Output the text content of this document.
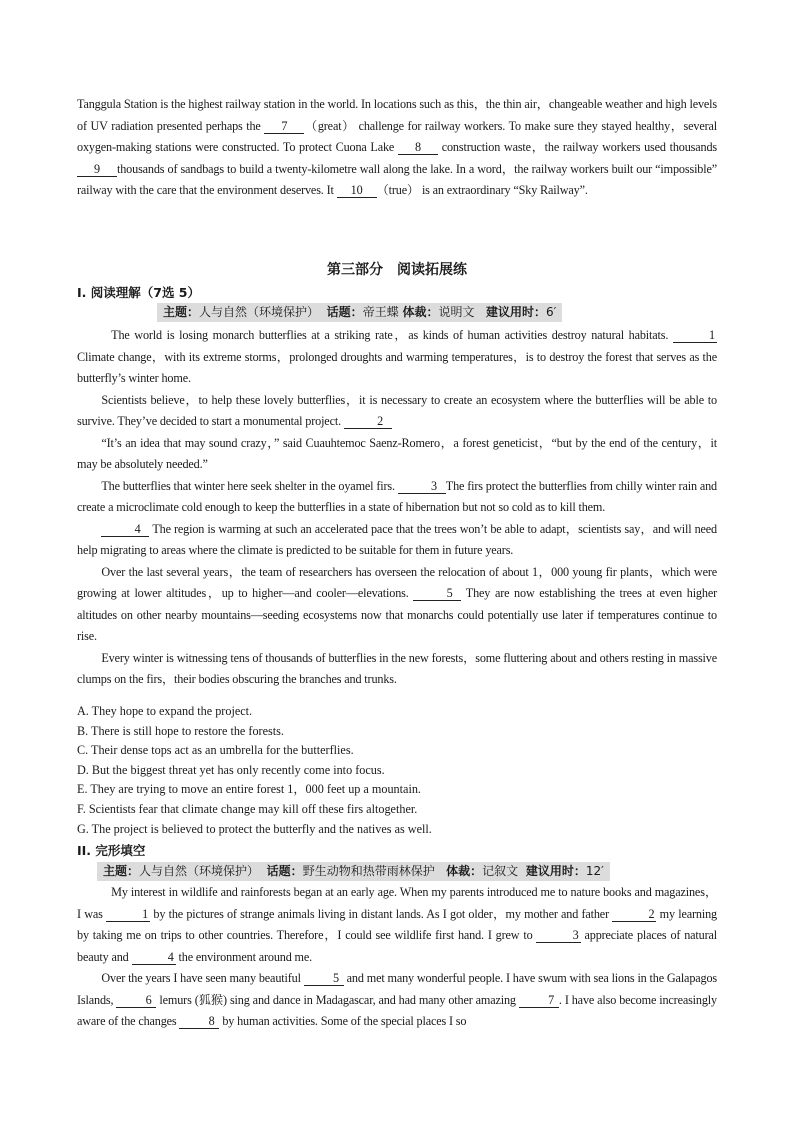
Tanggula Station is the highest railway station in the world. In locations such as this，the thin air，changeable weather and high levels of UV radiation presented perhaps the 7 （great） challenge for railway workers. To make sure they stayed healthy，several oxygen-making stations were constructed. To protect Cuona Lake 8 construction waste，the railway workers used thousands 9 thousands of sandbags to build a twenty-kilometre wall along the lake. In a word，the railway workers built our “impossible” railway with the care that the environment deserves. It 10 （true） is an extraordinary “Sky Railway”.

第三部分　阅读拓展练
I. 阅读理解（7选 5）
主题：人与自然（环境保护） 话题：帝王蝶 体裁：说明文 建议用时：6′

The world is losing monarch butterflies at a striking rate，as kinds of human activities destroy natural habitats.	1 Climate change，with its extreme storms，prolonged droughts and warming temperatures，is to destroy the forest that serves as the butterfly’s winter home.

Scientists believe，to help these lovely butterflies，it is necessary to create an ecosystem where the butterflies will be able to survive. They’ve decided to start a monumental project.	2

“It’s an idea that may sound crazy，” said Cuauhtemoc Saenz-Romero，a forest geneticist，“but by the end of the century，it may be absolutely needed.”

The butterflies that winter here seek shelter in the oyamel firs.	3 The firs protect the butterflies from chilly winter rain and create a microclimate cold enough to keep the butterflies in a state of hibernation but not so cold as to kill them.

4 The region is warming at such an accelerated pace that the trees won’t be able to adapt，scientists say，and will need help migrating to areas where the climate is predicted to be suitable for them in future years.

Over the last several years，the team of researchers has overseen the relocation of about 1，000 young fir plants，which were growing at lower altitudes，up to higher—and cooler—elevations.	5 They are now establishing the trees at even higher altitudes on other nearby mountains—seeding ecosystems now that monarchs could potentially use later if temperatures continue to rise.

Every winter is witnessing tens of thousands of butterflies in the new forests，some fluttering about and others resting in massive clumps on the firs，their bodies obscuring the branches and trunks.

A. They hope to expand the project.
B. There is still hope to restore the forests.
C. Their dense tops act as an umbrella for the butterflies.
D. But the biggest threat yet has only recently come into focus.
E. They are trying to move an entire forest 1，000 feet up a mountain.
F. Scientists fear that climate change may kill off these firs altogether.
G. The project is believed to protect the butterfly and the natives as well.
II. 完形填空
主题：人与自然（环境保护） 话题：野生动物和热带雨林保护 体裁：记叙文 建议用时：12′

My interest in wildlife and rainforests began at an early age. When my parents introduced me to nature books and magazines，I was	1 by the pictures of strange animals living in distant lands. As I got older，my mother and father	2 my learning by taking me on trips to other countries. Therefore，I could see wildlife first hand. I grew to	3 appreciate places of natural beauty and	4 the environment around me.

Over the years I have seen many beautiful 5 and met many wonderful people. I have swum with sea lions in the Galapagos Islands, 6 lemurs (狐猴) sing and dance in Madagascar, and had many other amazing 7 . I have also become increasingly aware of the changes 8 by human activities. Some of the special places I so
